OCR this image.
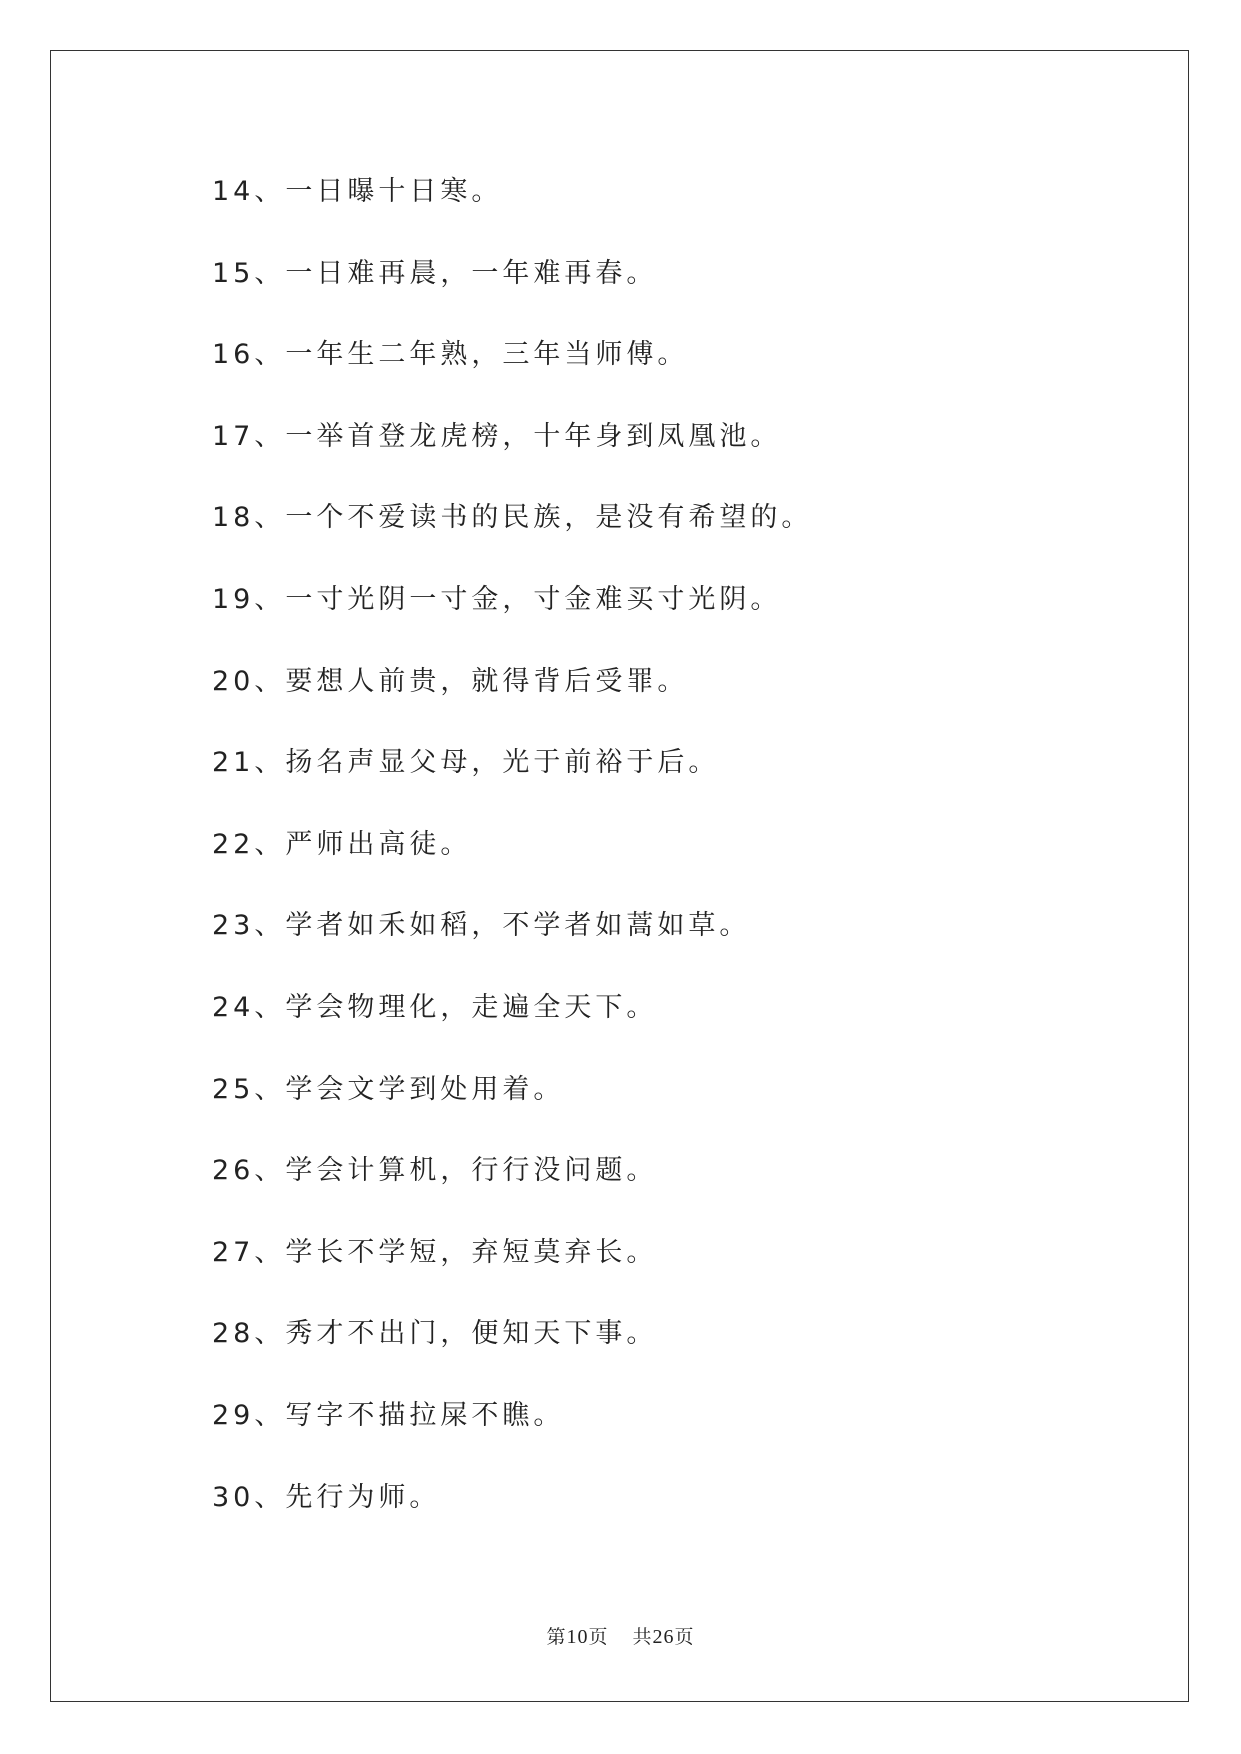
14、一日曝十日寒。
15、一日难再晨，一年难再春。
16、一年生二年熟，三年当师傅。
17、一举首登龙虎榜，十年身到凤凰池。
18、一个不爱读书的民族，是没有希望的。
19、一寸光阴一寸金，寸金难买寸光阴。
20、要想人前贵，就得背后受罪。
21、扬名声显父母，光于前裕于后。
22、严师出高徒。
23、学者如禾如稻，不学者如蒿如草。
24、学会物理化，走遍全天下。
25、学会文学到处用着。
26、学会计算机，行行没问题。
27、学长不学短，弃短莫弃长。
28、秀才不出门，便知天下事。
29、写字不描拉屎不瞧。
30、先行为师。
第10页 共26页
